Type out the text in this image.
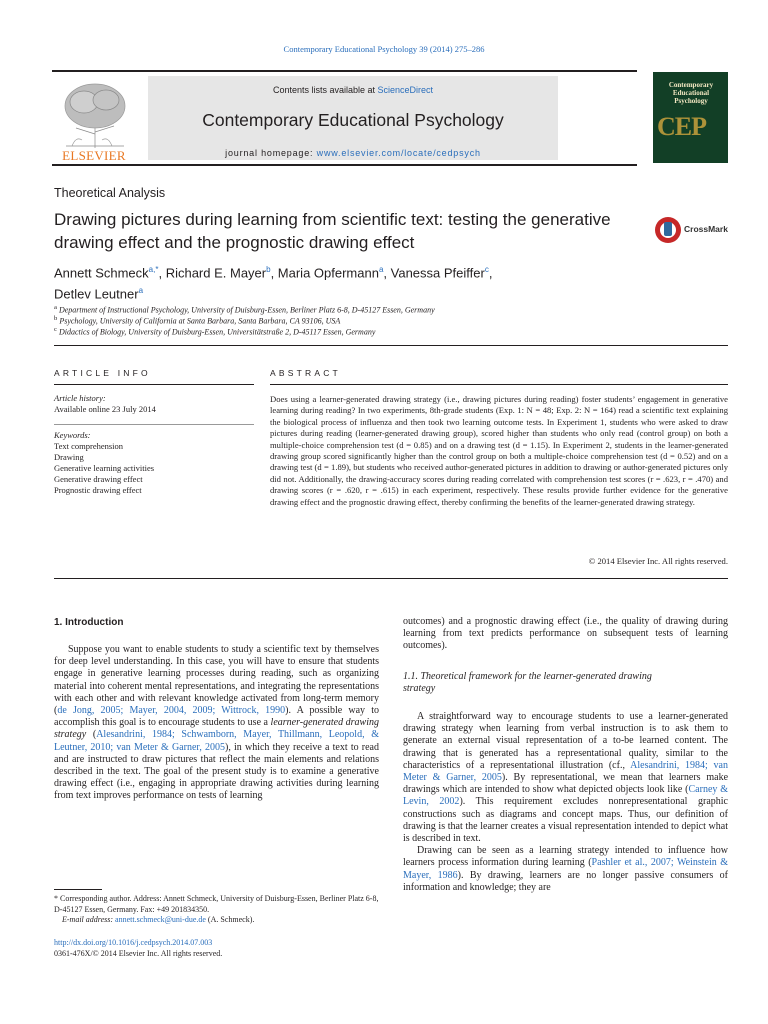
Contemporary Educational Psychology 39 (2014) 275–286
ELSEVIER
Contents lists available at ScienceDirect
Contemporary Educational Psychology
journal homepage: www.elsevier.com/locate/cedpsych
Contemporary Educational Psychology
CEP
Theoretical Analysis
Drawing pictures during learning from scientific text: testing the generative drawing effect and the prognostic drawing effect
CrossMark
Annett Schmeck$^{a,*}$, Richard E. Mayer$^b$, Maria Opfermann$^a$, Vanessa Pfeiffer$^c$,
Detlev Leutner$^a$
$^a$ Department of Instructional Psychology, University of Duisburg-Essen, Berliner Platz 6-8, D-45127 Essen, Germany
$^b$ Psychology, University of California at Santa Barbara, Santa Barbara, CA 93106, USA
$^c$ Didactics of Biology, University of Duisburg-Essen, Universitätstraße 2, D-45117 Essen, Germany
ARTICLE INFO
Article history:
Available online 23 July 2014
Keywords:
Text comprehension
Drawing
Generative learning activities
Generative drawing effect
Prognostic drawing effect
ABSTRACT
Does using a learner-generated drawing strategy (i.e., drawing pictures during reading) foster students’ engagement in generative learning during reading? In two experiments, 8th-grade students (Exp. 1: N = 48; Exp. 2: N = 164) read a scientific text explaining the biological process of influenza and then took two learning outcome tests. In Experiment 1, students who were asked to draw pictures during reading (learner-generated drawing group), scored higher than students who only read (control group) on both a multiple-choice comprehension test (d = 0.85) and on a drawing test (d = 1.15). In Experiment 2, students in the learner-generated drawing group scored significantly higher than the control group on both a multiple-choice comprehension test (d = 0.52) and on a drawing test (d = 1.89), but students who received author-generated pictures in addition to drawing or author-generated pictures only did not. Additionally, the drawing-accuracy scores during reading correlated with comprehension test scores (r = .623, r = .470) and drawing scores (r = .620, r = .615) in each experiment, respectively. These results provide further evidence for the generative drawing effect and the prognostic drawing effect, thereby confirming the benefits of the learner-generated drawing strategy.
© 2014 Elsevier Inc. All rights reserved.
1. Introduction

Suppose you want to enable students to study a scientific text by themselves for deep level understanding. In this case, you will have to ensure that students engage in generative learning processes during reading, such as organizing material into coherent mental representations, and integrating the representations with each other and with relevant knowledge activated from long-term memory (de Jong, 2005; Mayer, 2004, 2009; Wittrock, 1990). A possible way to accomplish this goal is to encourage students to use a learner-generated drawing strategy (Alesandrini, 1984; Schwamborn, Mayer, Thillmann, Leopold, & Leutner, 2010; van Meter & Garner, 2005), in which they receive a text to read and are instructed to draw pictures that reflect the main elements and relations described in the text. The goal of the present study is to examine a generative drawing effect (i.e., engaging in appropriate drawing activities during learning from text improves performance on tests of learning

* Corresponding author. Address: Annett Schmeck, University of Duisburg-Essen, Berliner Platz 6-8, D-45127 Essen, Germany. Fax: +49 201834350.
E-mail address: annett.schmeck@uni-due.de (A. Schmeck).
http://dx.doi.org/10.1016/j.cedpsych.2014.07.003
0361-476X/© 2014 Elsevier Inc. All rights reserved.

outcomes) and a prognostic drawing effect (i.e., the quality of drawing during learning from text predicts performance on subsequent tests of learning outcomes).

1.1. Theoretical framework for the learner-generated drawing strategy

A straightforward way to encourage students to use a learner-generated drawing strategy when learning from verbal instruction is to ask them to generate an external visual representation of a to-be learned content. The drawing that is generated has a representational quality, similar to the characteristics of a representational illustration (cf., Alesandrini, 1984; van Meter & Garner, 2005). By representational, we mean that learners make drawings which are intended to show what depicted objects look like (Carney & Levin, 2002). This requirement excludes nonrepresentational graphic constructions such as diagrams and concept maps. Thus, our definition of drawing is that the learner creates a visual representation intended to depict what is described in text.

Drawing can be seen as a learning strategy intended to influence how learners process information during learning (Pashler et al., 2007; Weinstein & Mayer, 1986). By drawing, learners are no longer passive consumers of information and knowledge; they are
